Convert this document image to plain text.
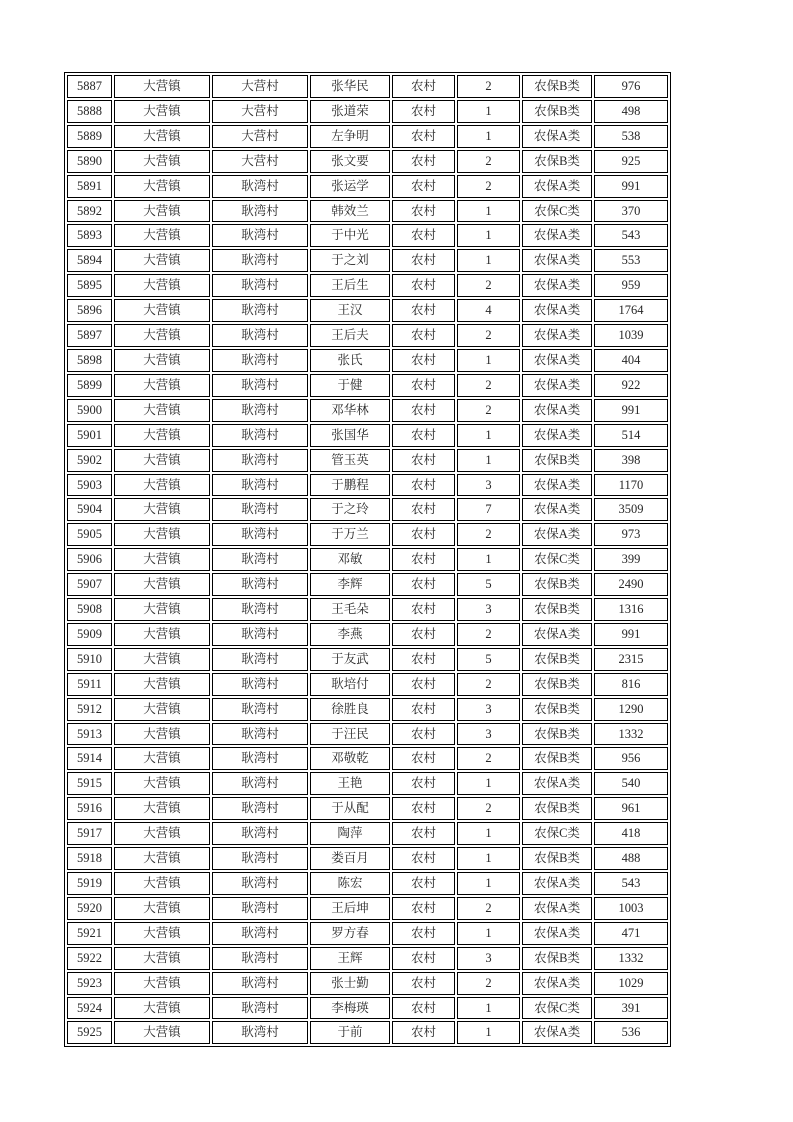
5887	大营镇	大营村	张华民	农村	2	农保B类	976
5888	大营镇	大营村	张道荣	农村	1	农保B类	498
5889	大营镇	大营村	左争明	农村	1	农保A类	538
5890	大营镇	大营村	张文要	农村	2	农保B类	925
5891	大营镇	耿湾村	张运学	农村	2	农保A类	991
5892	大营镇	耿湾村	韩效兰	农村	1	农保C类	370
5893	大营镇	耿湾村	于中光	农村	1	农保A类	543
5894	大营镇	耿湾村	于之刘	农村	1	农保A类	553
5895	大营镇	耿湾村	王后生	农村	2	农保A类	959
5896	大营镇	耿湾村	王汉	农村	4	农保A类	1764
5897	大营镇	耿湾村	王后夫	农村	2	农保A类	1039
5898	大营镇	耿湾村	张氏	农村	1	农保A类	404
5899	大营镇	耿湾村	于健	农村	2	农保A类	922
5900	大营镇	耿湾村	邓华林	农村	2	农保A类	991
5901	大营镇	耿湾村	张国华	农村	1	农保A类	514
5902	大营镇	耿湾村	管玉英	农村	1	农保B类	398
5903	大营镇	耿湾村	于鹏程	农村	3	农保A类	1170
5904	大营镇	耿湾村	于之玲	农村	7	农保A类	3509
5905	大营镇	耿湾村	于万兰	农村	2	农保A类	973
5906	大营镇	耿湾村	邓敏	农村	1	农保C类	399
5907	大营镇	耿湾村	李辉	农村	5	农保B类	2490
5908	大营镇	耿湾村	王毛朵	农村	3	农保B类	1316
5909	大营镇	耿湾村	李燕	农村	2	农保A类	991
5910	大营镇	耿湾村	于友武	农村	5	农保B类	2315
5911	大营镇	耿湾村	耿培付	农村	2	农保B类	816
5912	大营镇	耿湾村	徐胜良	农村	3	农保B类	1290
5913	大营镇	耿湾村	于汪民	农村	3	农保B类	1332
5914	大营镇	耿湾村	邓敬乾	农村	2	农保B类	956
5915	大营镇	耿湾村	王艳	农村	1	农保A类	540
5916	大营镇	耿湾村	于从配	农村	2	农保B类	961
5917	大营镇	耿湾村	陶萍	农村	1	农保C类	418
5918	大营镇	耿湾村	娄百月	农村	1	农保B类	488
5919	大营镇	耿湾村	陈宏	农村	1	农保A类	543
5920	大营镇	耿湾村	王后坤	农村	2	农保A类	1003
5921	大营镇	耿湾村	罗方春	农村	1	农保A类	471
5922	大营镇	耿湾村	王辉	农村	3	农保B类	1332
5923	大营镇	耿湾村	张士勤	农村	2	农保A类	1029
5924	大营镇	耿湾村	李梅瑛	农村	1	农保C类	391
5925	大营镇	耿湾村	于前	农村	1	农保A类	536
